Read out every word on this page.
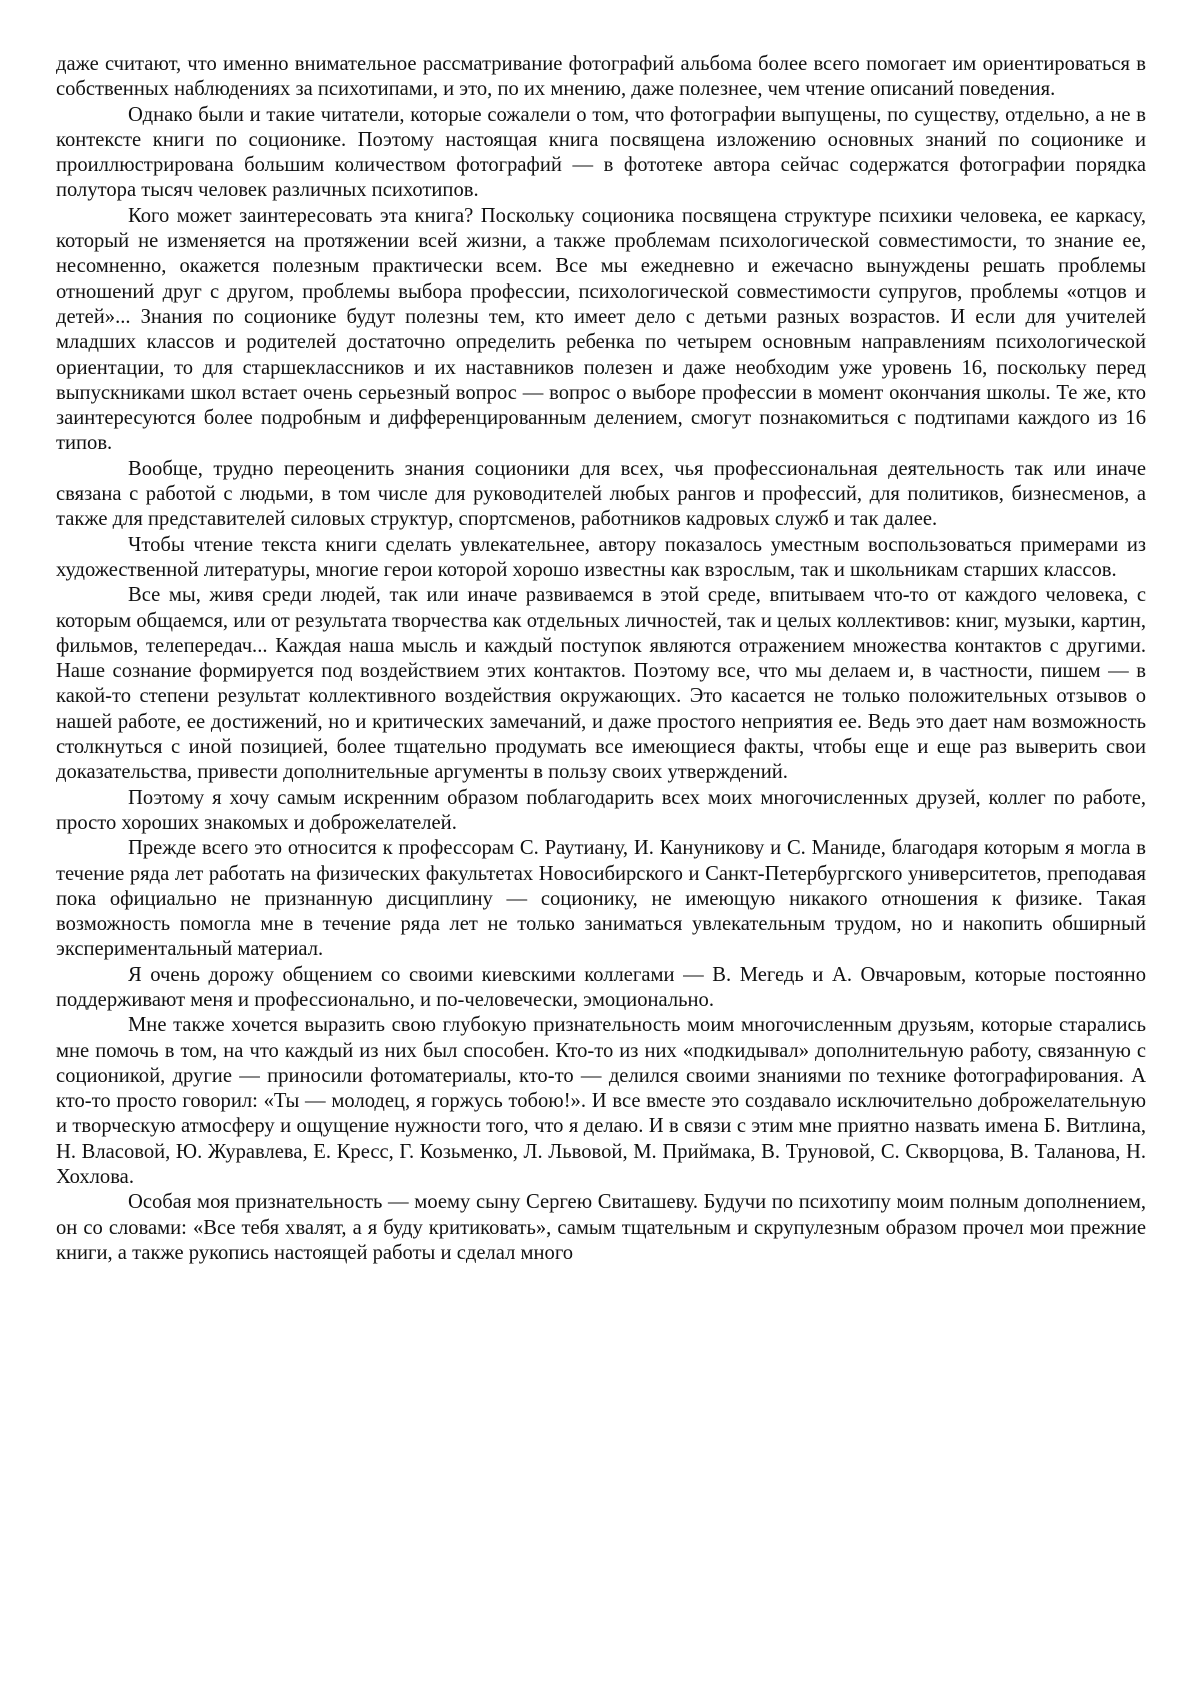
даже считают, что именно внимательное рассматривание фотографий альбома более всего помогает им ориентироваться в собственных наблюдениях за психотипами, и это, по их мнению, даже полезнее, чем чтение описаний поведения.

Однако были и такие читатели, которые сожалели о том, что фотографии выпущены, по существу, отдельно, а не в контексте книги по соционике. Поэтому настоящая книга посвящена изложению основных знаний по соционике и проиллюстрирована большим количеством фотографий — в фототеке автора сейчас содержатся фотографии порядка полутора тысяч человек различных психотипов.

Кого может заинтересовать эта книга? Поскольку соционика посвящена структуре психики человека, ее каркасу, который не изменяется на протяжении всей жизни, а также проблемам психологической совместимости, то знание ее, несомненно, окажется полезным практически всем. Все мы ежедневно и ежечасно вынуждены решать проблемы отношений друг с другом, проблемы выбора профессии, психологической совместимости супругов, проблемы «отцов и детей»... Знания по соционике будут полезны тем, кто имеет дело с детьми разных возрастов. И если для учителей младших классов и родителей достаточно определить ребенка по четырем основным направлениям психологической ориентации, то для старшеклассников и их наставников полезен и даже необходим уже уровень 16, поскольку перед выпускниками школ встает очень серьезный вопрос — вопрос о выборе профессии в момент окончания школы. Те же, кто заинтересуются более подробным и дифференцированным делением, смогут познакомиться с подтипами каждого из 16 типов.

Вообще, трудно переоценить знания соционики для всех, чья профессиональная деятельность так или иначе связана с работой с людьми, в том числе для руководителей любых рангов и профессий, для политиков, бизнесменов, а также для представителей силовых структур, спортсменов, работников кадровых служб и так далее.

Чтобы чтение текста книги сделать увлекательнее, автору показалось уместным воспользоваться примерами из художественной литературы, многие герои которой хорошо известны как взрослым, так и школьникам старших классов.

Все мы, живя среди людей, так или иначе развиваемся в этой среде, впитываем что-то от каждого человека, с которым общаемся, или от результата творчества как отдельных личностей, так и целых коллективов: книг, музыки, картин, фильмов, телепередач... Каждая наша мысль и каждый поступок являются отражением множества контактов с другими. Наше сознание формируется под воздействием этих контактов. Поэтому все, что мы делаем и, в частности, пишем — в какой-то степени результат коллективного воздействия окружающих. Это касается не только положительных отзывов о нашей работе, ее достижений, но и критических замечаний, и даже простого неприятия ее. Ведь это дает нам возможность столкнуться с иной позицией, более тщательно продумать все имеющиеся факты, чтобы еще и еще раз выверить свои доказательства, привести дополнительные аргументы в пользу своих утверждений.

Поэтому я хочу самым искренним образом поблагодарить всех моих многочисленных друзей, коллег по работе, просто хороших знакомых и доброжелателей.

Прежде всего это относится к профессорам С. Раутиану, И. Кануникову и С. Маниде, благодаря которым я могла в течение ряда лет работать на физических факультетах Новосибирского и Санкт-Петербургского университетов, преподавая пока официально не признанную дисциплину — соционику, не имеющую никакого отношения к физике. Такая возможность помогла мне в течение ряда лет не только заниматься увлекательным трудом, но и накопить обширный экспериментальный материал.

Я очень дорожу общением со своими киевскими коллегами — В. Мегедь и А. Овчаровым, которые постоянно поддерживают меня и профессионально, и по-человечески, эмоционально.

Мне также хочется выразить свою глубокую признательность моим многочисленным друзьям, которые старались мне помочь в том, на что каждый из них был способен. Кто-то из них «подкидывал» дополнительную работу, связанную с соционикой, другие — приносили фотоматериалы, кто-то — делился своими знаниями по технике фотографирования. А кто-то просто говорил: «Ты — молодец, я горжусь тобою!». И все вместе это создавало исключительно доброжелательную и творческую атмосферу и ощущение нужности того, что я делаю. И в связи с этим мне приятно назвать имена Б. Витлина, Н. Власовой, Ю. Журавлева, Е. Кресс, Г. Козьменко, Л. Львовой, М. Приймака, В. Труновой, С. Скворцова, В. Таланова, Н. Хохлова.

Особая моя признательность — моему сыну Сергею Свиташеву. Будучи по психотипу моим полным дополнением, он со словами: «Все тебя хвалят, а я буду критиковать», самым тщательным и скрупулезным образом прочел мои прежние книги, а также рукопись настоящей работы и сделал много
